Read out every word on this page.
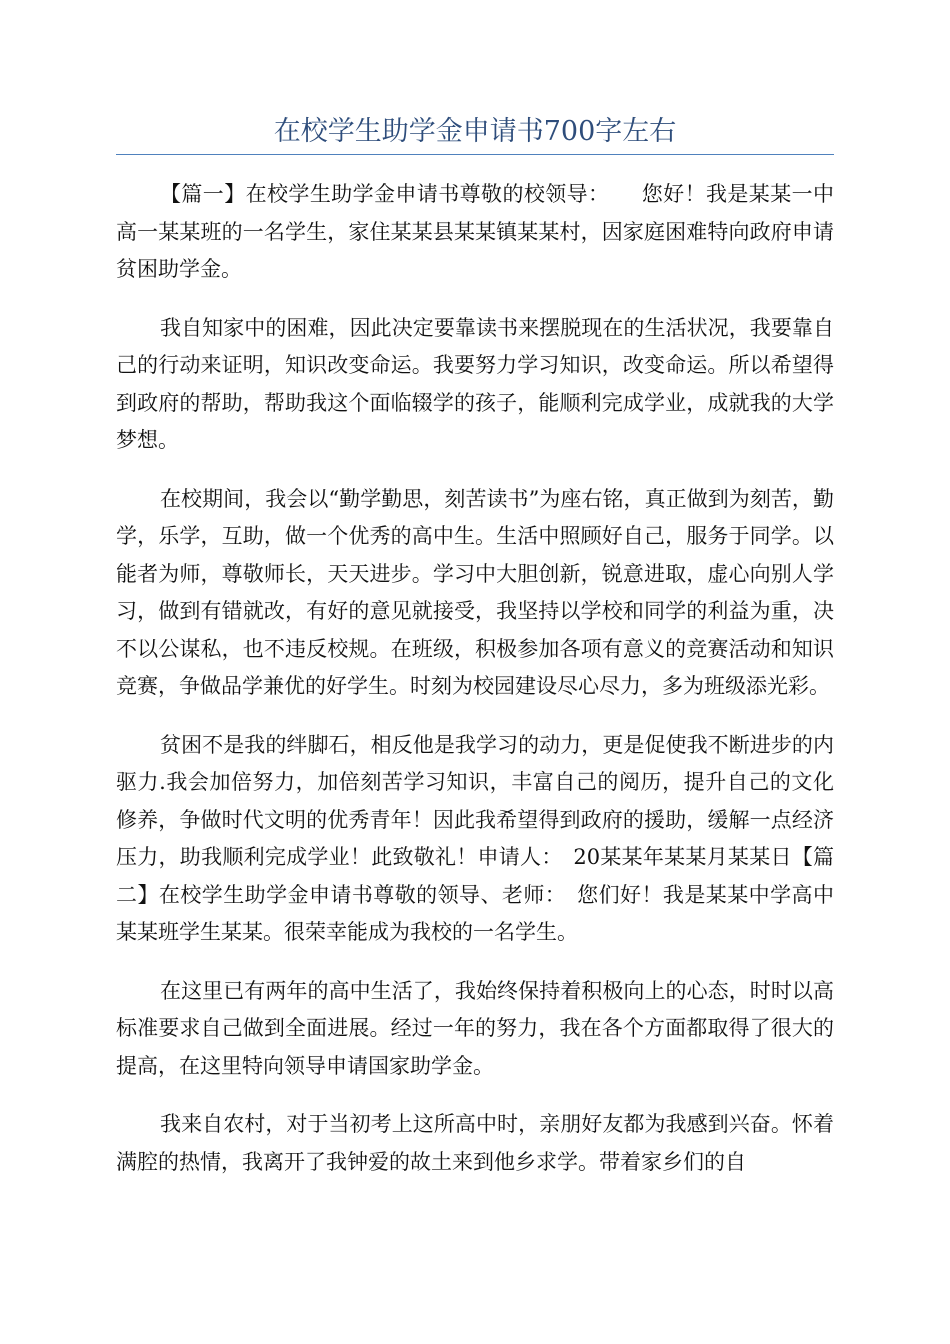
在校学生助学金申请书700字左右

【篇一】在校学生助学金申请书尊敬的校领导：　　您好！我是某某一中高一某某班的一名学生，家住某某县某某镇某某村，因家庭困难特向政府申请贫困助学金。

我自知家中的困难，因此决定要靠读书来摆脱现在的生活状况，我要靠自己的行动来证明，知识改变命运。我要努力学习知识，改变命运。所以希望得到政府的帮助，帮助我这个面临辍学的孩子，能顺利完成学业，成就我的大学梦想。

在校期间，我会以“勤学勤思，刻苦读书”为座右铭，真正做到为刻苦，勤学，乐学，互助，做一个优秀的高中生。生活中照顾好自己，服务于同学。以能者为师，尊敬师长，天天进步。学习中大胆创新，锐意进取，虚心向别人学习，做到有错就改，有好的意见就接受，我坚持以学校和同学的利益为重，决不以公谋私，也不违反校规。在班级，积极参加各项有意义的竞赛活动和知识竞赛，争做品学兼优的好学生。时刻为校园建设尽心尽力，多为班级添光彩。

贫困不是我的绊脚石，相反他是我学习的动力，更是促使我不断进步的内驱力.我会加倍努力，加倍刻苦学习知识，丰富自己的阅历，提升自己的文化修养，争做时代文明的优秀青年！因此我希望得到政府的援助，缓解一点经济压力，助我顺利完成学业！此致敬礼！申请人：　20某某年某某月某某日【篇二】在校学生助学金申请书尊敬的领导、老师：　您们好！我是某某中学高中某某班学生某某。很荣幸能成为我校的一名学生。

在这里已有两年的高中生活了，我始终保持着积极向上的心态，时时以高标准要求自己做到全面进展。经过一年的努力，我在各个方面都取得了很大的提高，在这里特向领导申请国家助学金。

我来自农村，对于当初考上这所高中时，亲朋好友都为我感到兴奋。怀着满腔的热情，我离开了我钟爱的故土来到他乡求学。带着家乡们的自
